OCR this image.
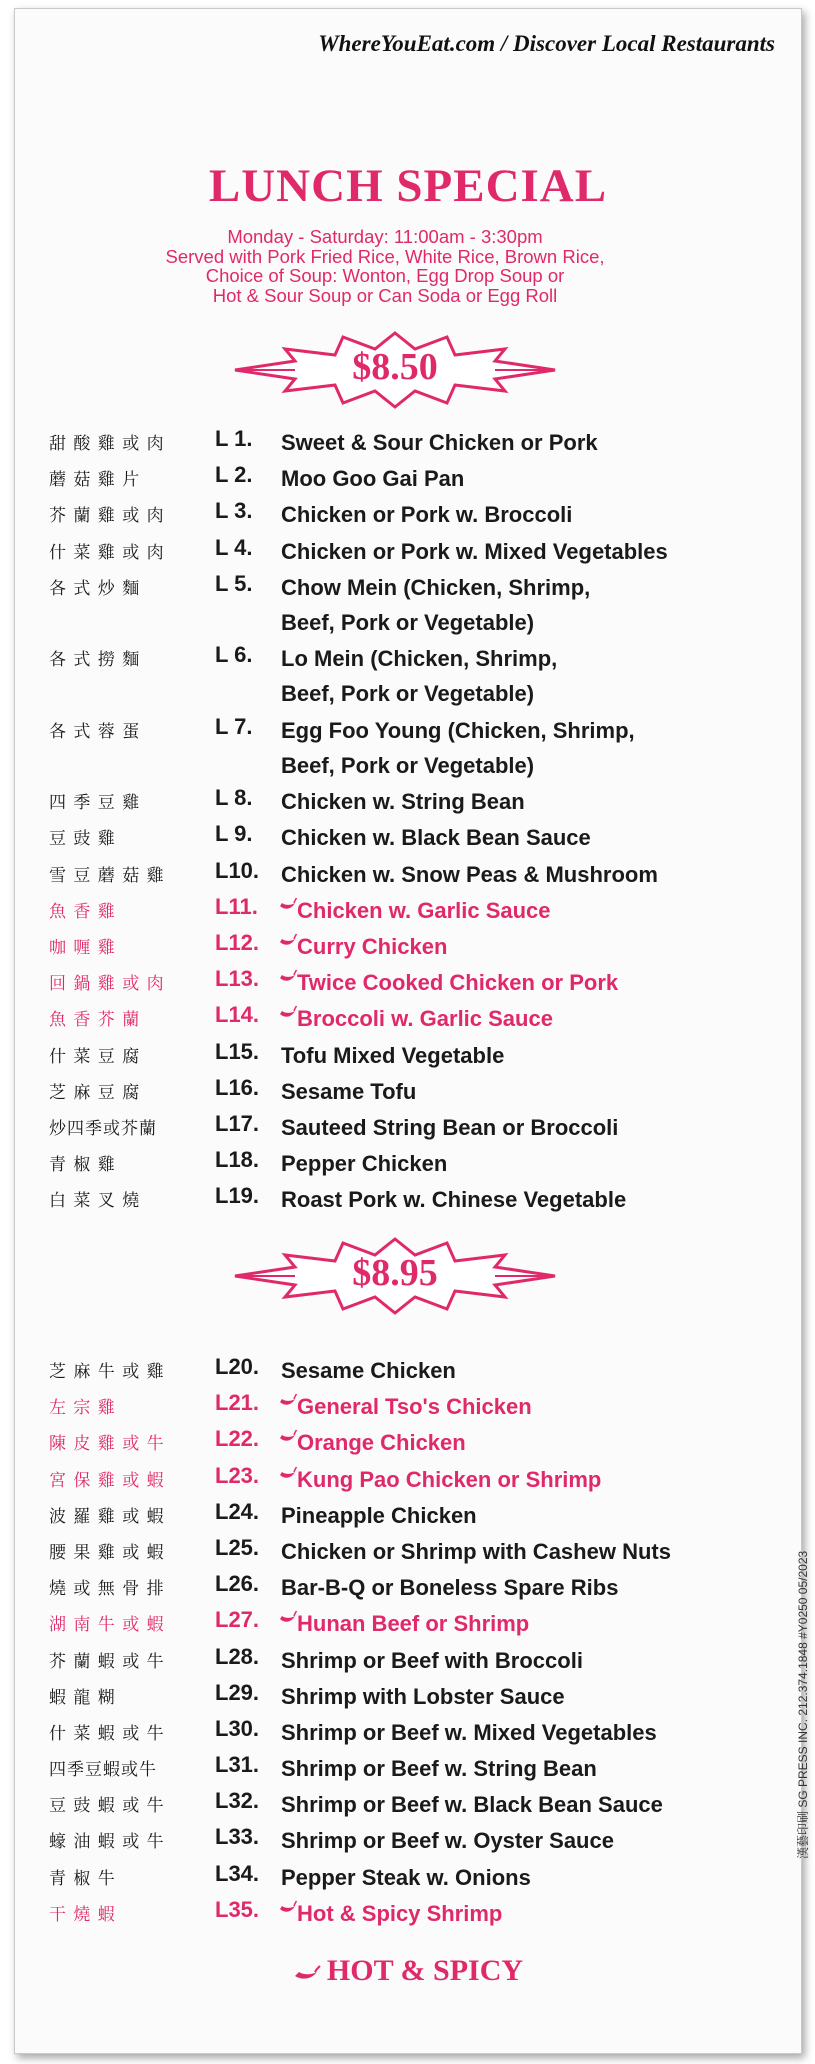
WhereYouEat.com / Discover Local Restaurants
LUNCH SPECIAL
Monday - Saturday: 11:00am - 3:30pm
Served with Pork Fried Rice, White Rice, Brown Rice,
Choice of Soup: Wonton, Egg Drop Soup or
Hot & Sour Soup or Can Soda or Egg Roll
$8.50
甜 酸 雞 或 肉	L 1. Sweet & Sour Chicken or Pork
蘑 菇 雞 片	L 2. Moo Goo Gai Pan
芥 蘭 雞 或 肉	L 3. Chicken or Pork w. Broccoli
什 菜 雞 或 肉	L 4. Chicken or Pork w. Mixed Vegetables
各 式 炒 麵	L 5. Chow Mein (Chicken, Shrimp,
Beef, Pork or Vegetable)
各 式 撈 麵	L 6. Lo Mein (Chicken, Shrimp,
Beef, Pork or Vegetable)
各 式 蓉 蛋	L 7. Egg Foo Young (Chicken, Shrimp,
Beef, Pork or Vegetable)
四 季 豆 雞	L 8. Chicken w. String Bean
豆 豉 雞	L 9. Chicken w. Black Bean Sauce
雪 豆 蘑 菇 雞	L10. Chicken w. Snow Peas & Mushroom
魚 香 雞	L11. Chicken w. Garlic Sauce
咖 喱 雞	L12. Curry Chicken
回 鍋 雞 或 肉	L13. Twice Cooked Chicken or Pork
魚 香 芥 蘭	L14. Broccoli w. Garlic Sauce
什 菜 豆 腐	L15. Tofu Mixed Vegetable
芝 麻 豆 腐	L16. Sesame Tofu
炒四季或芥蘭	L17. Sauteed String Bean or Broccoli
青 椒 雞	L18. Pepper Chicken
白 菜 叉 燒	L19. Roast Pork w. Chinese Vegetable
$8.95
芝 麻 牛 或 雞	L20. Sesame Chicken
左 宗 雞	L21. General Tso's Chicken
陳 皮 雞 或 牛	L22. Orange Chicken
宮 保 雞 或 蝦	L23. Kung Pao Chicken or Shrimp
波 羅 雞 或 蝦	L24. Pineapple Chicken
腰 果 雞 或 蝦	L25. Chicken or Shrimp with Cashew Nuts
燒 或 無 骨 排	L26. Bar-B-Q or Boneless Spare Ribs
湖 南 牛 或 蝦	L27. Hunan Beef or Shrimp
芥 蘭 蝦 或 牛	L28. Shrimp or Beef with Broccoli
蝦 龍 糊	L29. Shrimp with Lobster Sauce
什 菜 蝦 或 牛	L30. Shrimp or Beef w. Mixed Vegetables
四季豆蝦或牛	L31. Shrimp or Beef w. String Bean
豆 豉 蝦 或 牛	L32. Shrimp or Beef w. Black Bean Sauce
蠔 油 蝦 或 牛	L33. Shrimp or Beef w. Oyster Sauce
青 椒 牛	L34. Pepper Steak w. Onions
干 燒 蝦	L35. Hot & Spicy Shrimp
HOT & SPICY
漢藝印刷 SG PRESS INC. 212.374.1848 #Y0250 05/2023
